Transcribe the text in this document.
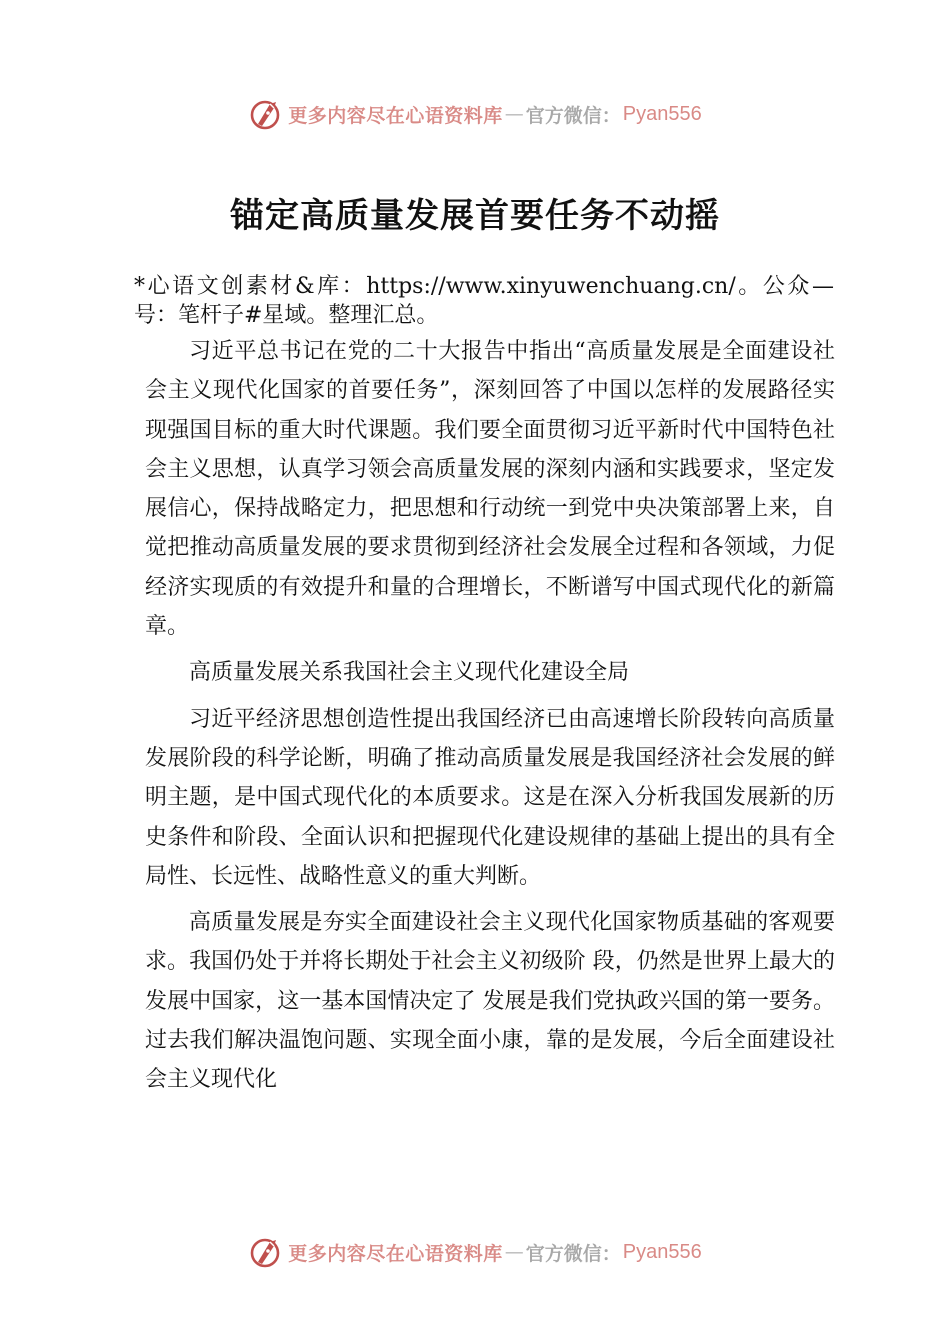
更多内容尽在心语资料库 — 官方微信： Pyan556
锚定高质量发展首要任务不动摇
*心语文创素材&库：https://www.xinyuwenchuang.cn/。公众—号：笔杆子#星域。整理汇总。

习近平总书记在党的二十大报告中指出“高质量发展是全面建设社会主义现代化国家的首要任务”，深刻回答了中国以怎样的发展路径实现强国目标的重大时代课题。我们要全面贯彻习近平新时代中国特色社会主义思想，认真学习领会高质量发展的深刻内涵和实践要求，坚定发展信心，保持战略定力，把思想和行动统一到党中央决策部署上来，自觉把推动高质量发展的要求贯彻到经济社会发展全过程和各领域，力促经济实现质的有效提升和量的合理增长，不断谱写中国式现代化的新篇章。

高质量发展关系我国社会主义现代化建设全局

习近平经济思想创造性提出我国经济已由高速增长阶段转向高质量发展阶段的科学论断，明确了推动高质量发展是我国经济社会发展的鲜明主题，是中国式现代化的本质要求。这是在深入分析我国发展新的历史条件和阶段、全面认识和把握现代化建设规律的基础上提出的具有全局性、长远性、战略性意义的重大判断。

高质量发展是夯实全面建设社会主义现代化国家物质基础的客观要求。我国仍处于并将长期处于社会主义初级阶 段，仍然是世界上最大的发展中国家，这一基本国情决定了 发展是我们党执政兴国的第一要务。过去我们解决温饱问题、实现全面小康，靠的是发展，今后全面建设社会主义现代化

更多内容尽在心语资料库 — 官方微信： Pyan556
